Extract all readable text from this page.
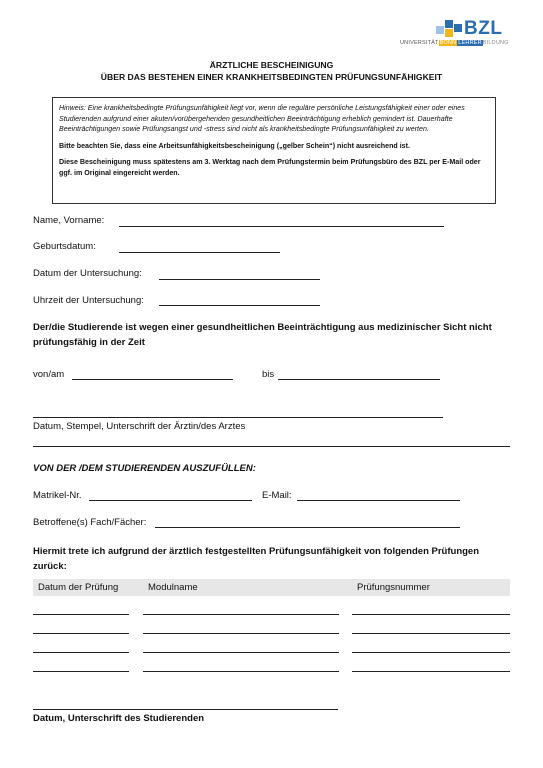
BZL
UNIVERSITÄTBONN LEHRERBILDUNG
ÄRZTLICHE BESCHEINIGUNG
ÜBER DAS BESTEHEN EINER KRANKHEITSBEDINGTEN PRÜFUNGSUNFÄHIGKEIT

Hinweis: Eine krankheitsbedingte Prüfungsunfähigkeit liegt vor, wenn die reguläre persönliche Leistungsfähigkeit einer oder eines Studierenden aufgrund einer akuten/vorübergehenden gesundheitlichen Beeinträchtigung erheblich gemindert ist. Dauerhafte Beeinträchtigungen sowie Prüfungsangst und -stress sind nicht als krankheitsbedingte Prüfungsunfähigkeit zu werten.

Bitte beachten Sie, dass eine Arbeitsunfähigkeitsbescheinigung („gelber Schein“) nicht ausreichend ist.

Diese Bescheinigung muss spätestens am 3. Werktag nach dem Prüfungstermin beim Prüfungsbüro des BZL per E-Mail oder ggf. im Original eingereicht werden.

Name, Vorname:
Geburtsdatum:
Datum der Untersuchung:
Uhrzeit der Untersuchung:
Der/die Studierende ist wegen einer gesundheitlichen Beeinträchtigung aus medizinischer Sicht nicht prüfungsfähig in der Zeit
von/am	bis
Datum, Stempel, Unterschrift der Ärztin/des Arztes
VON DER /DEM STUDIERENDEN AUSZUFÜLLEN:
Matrikel-Nr.	E-Mail:
Betroffene(s) Fach/Fächer:
Hiermit trete ich aufgrund der ärztlich festgestellten Prüfungsunfähigkeit von folgenden Prüfungen zurück:
Datum der Prüfung	Modulname	Prüfungsnummer
Datum, Unterschrift des Studierenden
